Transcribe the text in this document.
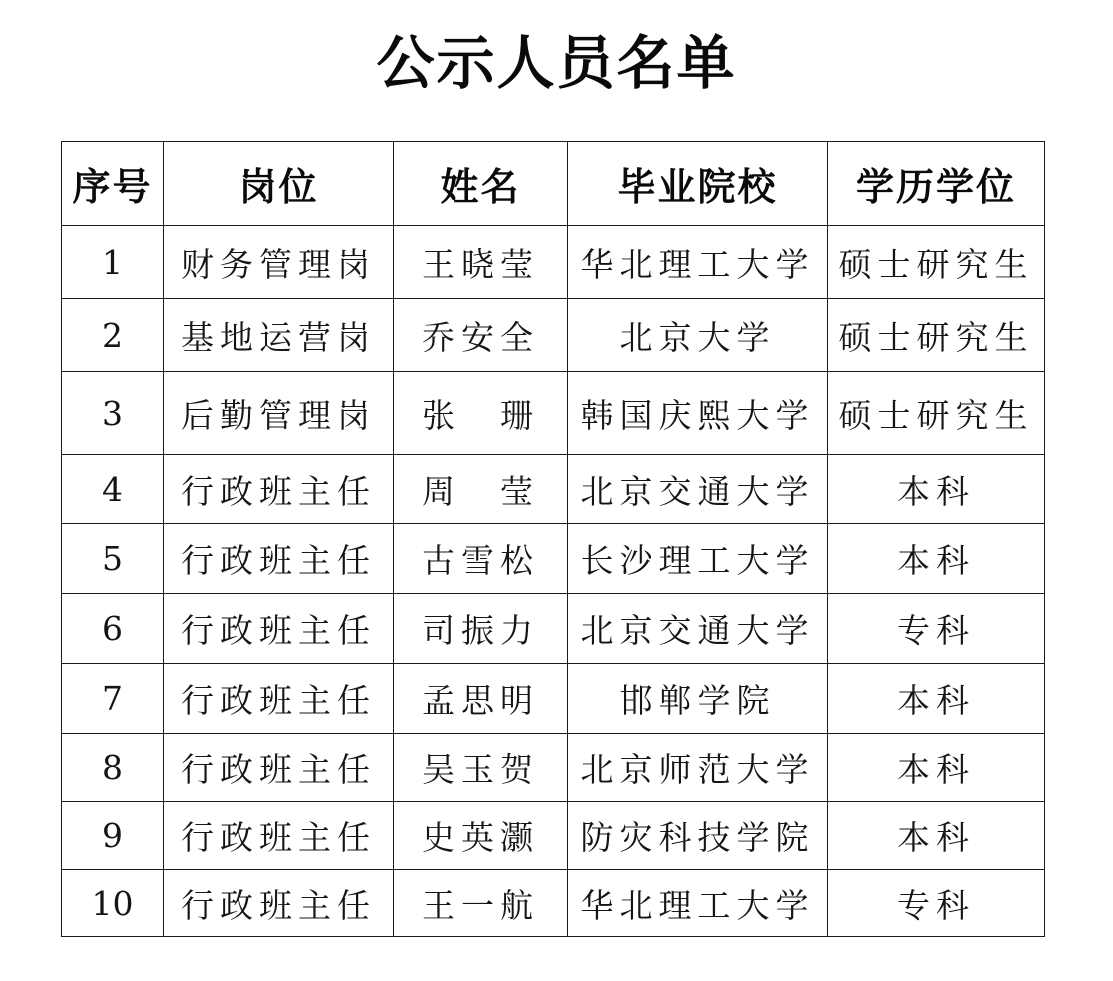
公示人员名单
序号	岗位	姓名	毕业院校	学历学位
1	财务管理岗	王晓莹	华北理工大学	硕士研究生
2	基地运营岗	乔安全	北京大学	硕士研究生
3	后勤管理岗	张　珊	韩国庆熙大学	硕士研究生
4	行政班主任	周　莹	北京交通大学	本科
5	行政班主任	古雪松	长沙理工大学	本科
6	行政班主任	司振力	北京交通大学	专科
7	行政班主任	孟思明	邯郸学院	本科
8	行政班主任	吴玉贺	北京师范大学	本科
9	行政班主任	史英灏	防灾科技学院	本科
10	行政班主任	王一航	华北理工大学	专科
